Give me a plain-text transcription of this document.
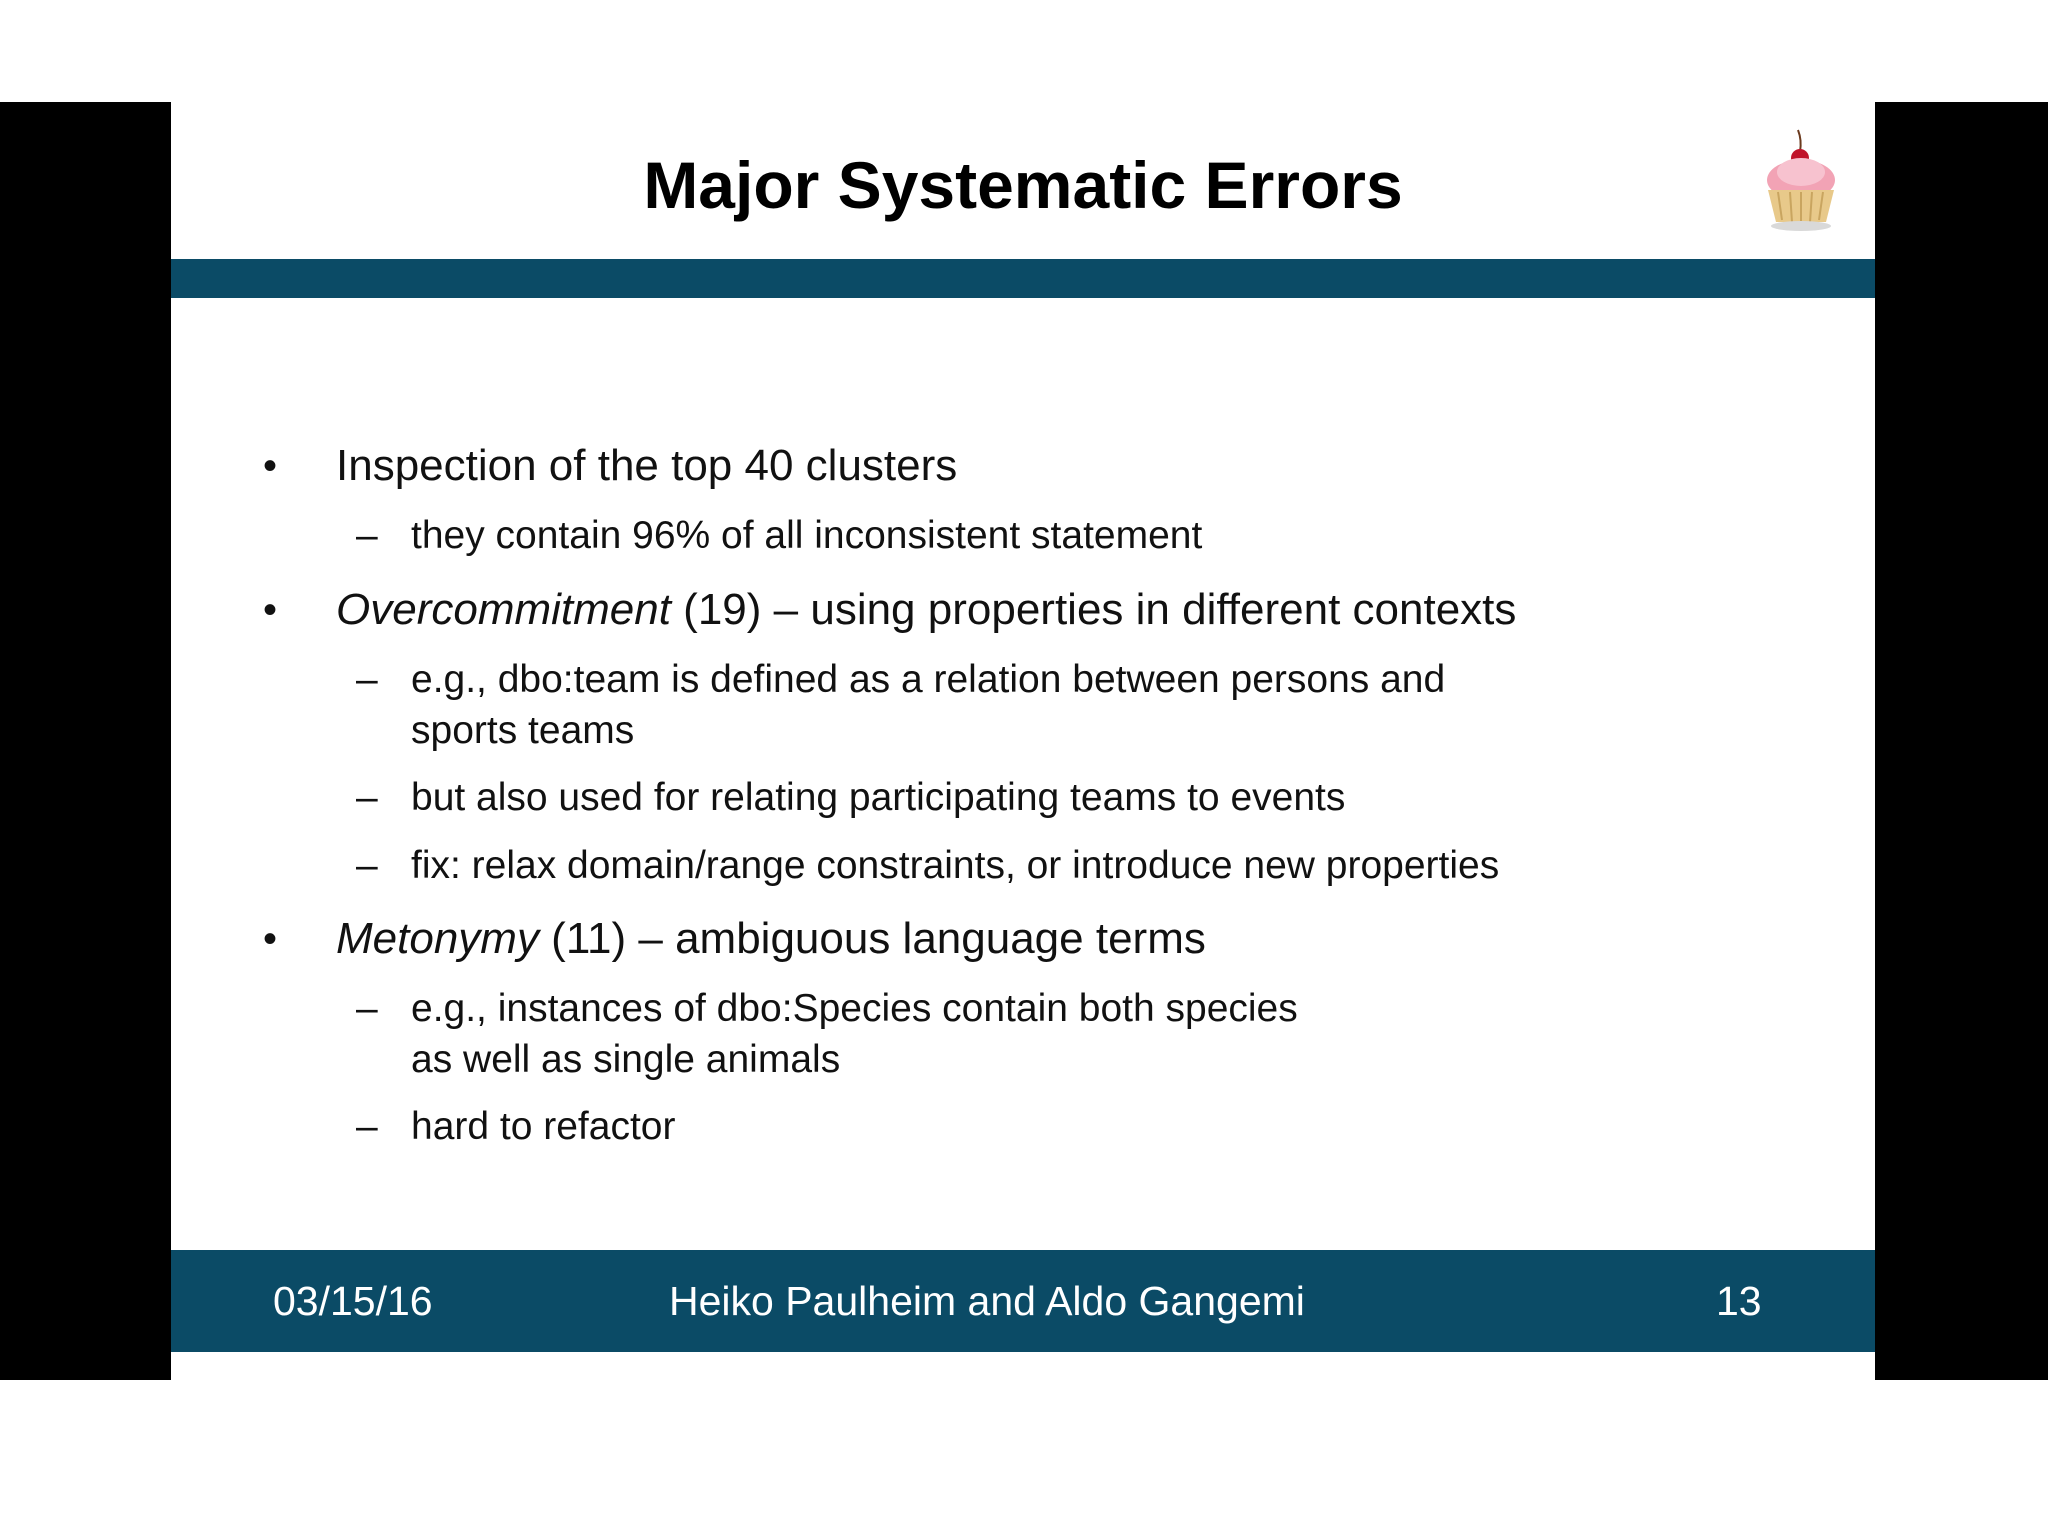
Major Systematic Errors
• Inspection of the top 40 clusters
– they contain 96% of all inconsistent statement
• Overcommitment (19) – using properties in different contexts
– e.g., dbo:team is defined as a relation between persons and
sports teams
– but also used for relating participating teams to events
– fix: relax domain/range constraints, or introduce new properties
• Metonymy (11) – ambiguous language terms
– e.g., instances of dbo:Species contain both species
as well as single animals
– hard to refactor
03/15/16	Heiko Paulheim and Aldo Gangemi	13
